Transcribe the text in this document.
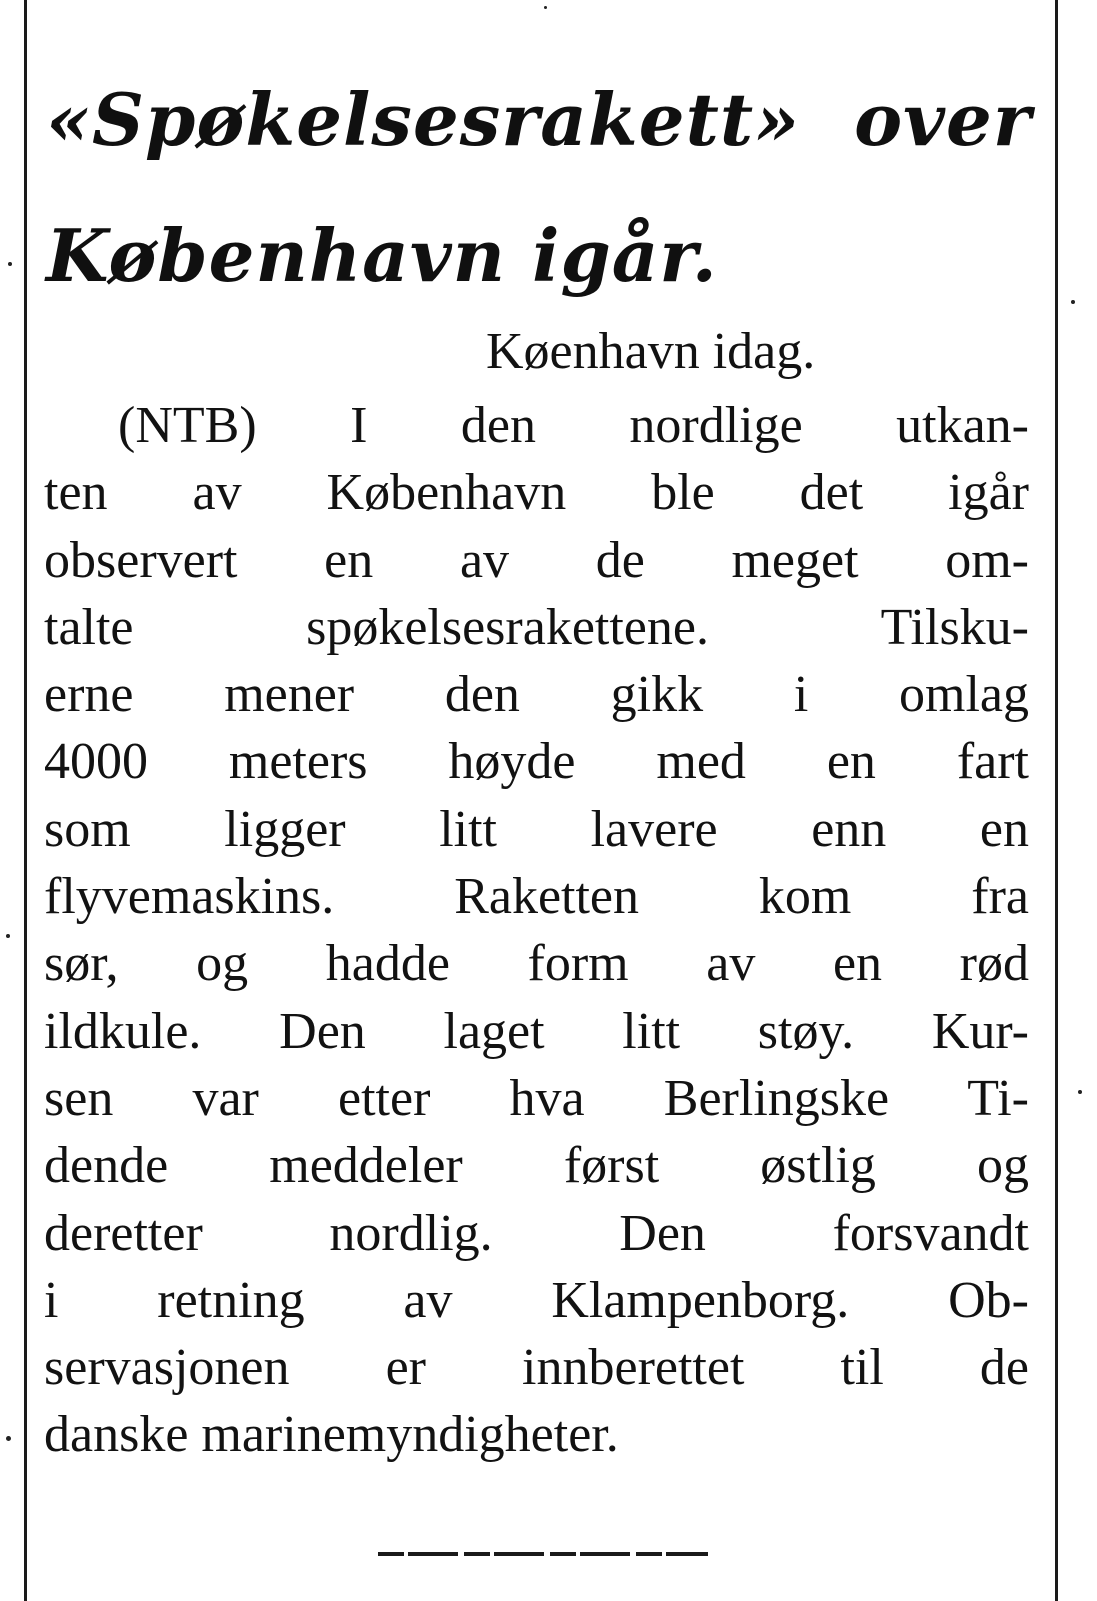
«Spøkelsesrakett» over
København igår.

Køenhavn idag.

(NTB) I den nordlige utkan-
ten av København ble det igår
observert en av de meget om-
talte spøkelsesrakettene. Tilsku-
erne mener den gikk i omlag
4000 meters høyde med en fart
som ligger litt lavere enn en
flyvemaskins. Raketten kom fra
sør, og hadde form av en rød
ildkule. Den laget litt støy. Kur-
sen var etter hva Berlingske Ti-
dende meddeler først østlig og
deretter nordlig. Den forsvandt
i retning av Klampenborg. Ob-
servasjonen er innberettet til de
danske marinemyndigheter.
